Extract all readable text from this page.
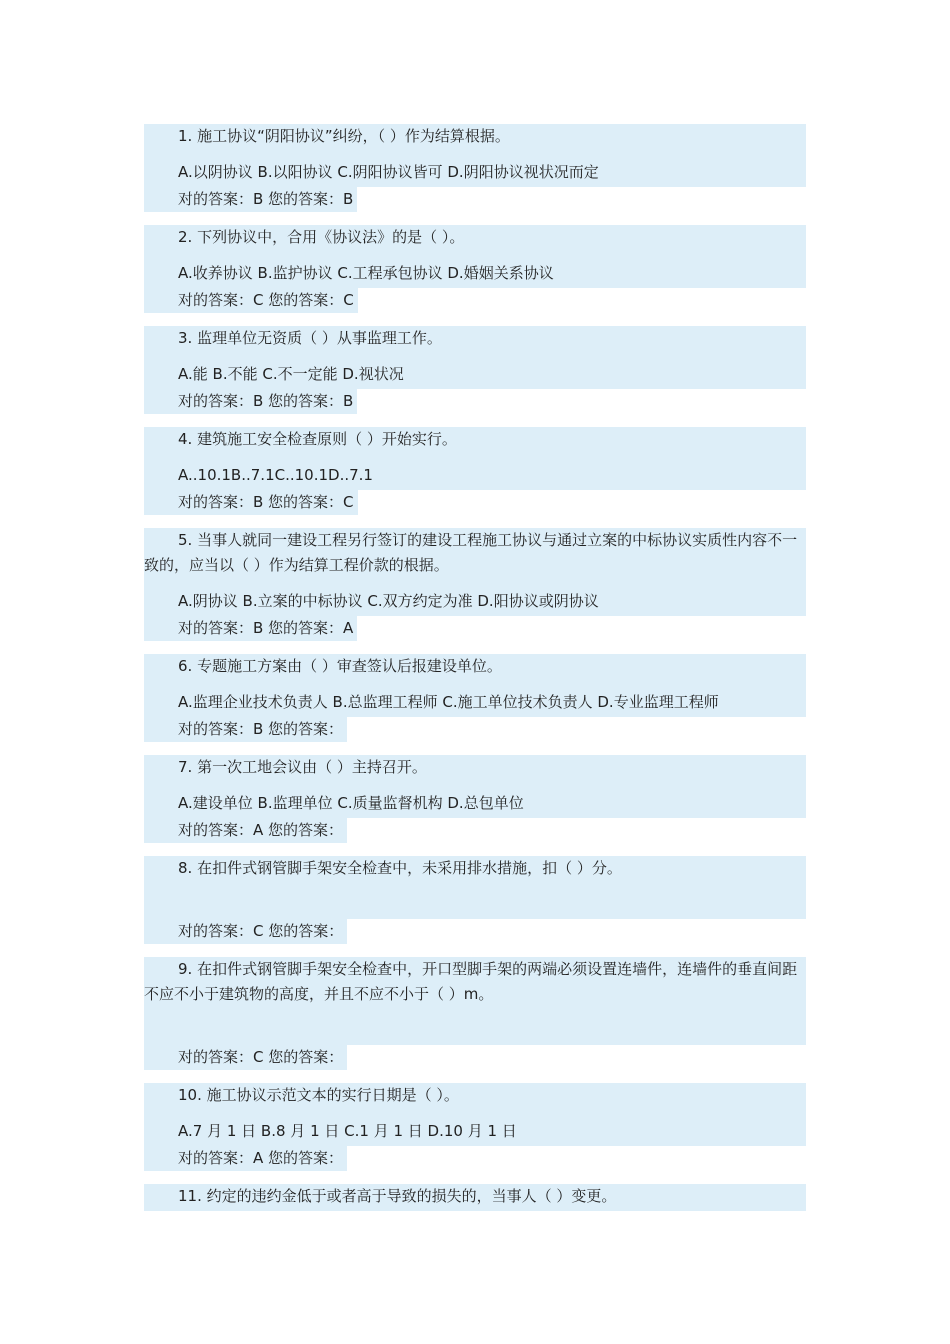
1. 施工协议“阴阳协议”纠纷，（ ）作为结算根据。
A.以阴协议 B.以阳协议 C.阴阳协议皆可 D.阴阳协议视状况而定
对的答案：B 您的答案：B
2. 下列协议中，合用《协议法》的是（ ）。
A.收养协议 B.监护协议 C.工程承包协议 D.婚姻关系协议
对的答案：C 您的答案：C
3. 监理单位无资质（ ）从事监理工作。
A.能 B.不能 C.不一定能 D.视状况
对的答案：B 您的答案：B
4. 建筑施工安全检查原则（ ）开始实行。
A..10.1B..7.1C..10.1D..7.1
对的答案：B 您的答案：C
5. 当事人就同一建设工程另行签订的建设工程施工协议与通过立案的中标协议实质性内容不一致的，应当以（ ）作为结算工程价款的根据。
A.阴协议 B.立案的中标协议 C.双方约定为准 D.阳协议或阴协议
对的答案：B 您的答案：A
6. 专题施工方案由（ ）审查签认后报建设单位。
A.监理企业技术负责人 B.总监理工程师 C.施工单位技术负责人 D.专业监理工程师
对的答案：B 您的答案：
7. 第一次工地会议由（ ）主持召开。
A.建设单位 B.监理单位 C.质量监督机构 D.总包单位
对的答案：A 您的答案：
8. 在扣件式钢管脚手架安全检查中，未采用排水措施，扣（ ）分。
对的答案：C 您的答案：
9. 在扣件式钢管脚手架安全检查中，开口型脚手架的两端必须设置连墙件，连墙件的垂直间距不应不小于建筑物的高度，并且不应不小于（ ）m。
对的答案：C 您的答案：
10. 施工协议示范文本的实行日期是（ ）。
A.7 月 1 日 B.8 月 1 日 C.1 月 1 日 D.10 月 1 日
对的答案：A 您的答案：
11. 约定的违约金低于或者高于导致的损失的，当事人（ ）变更。
